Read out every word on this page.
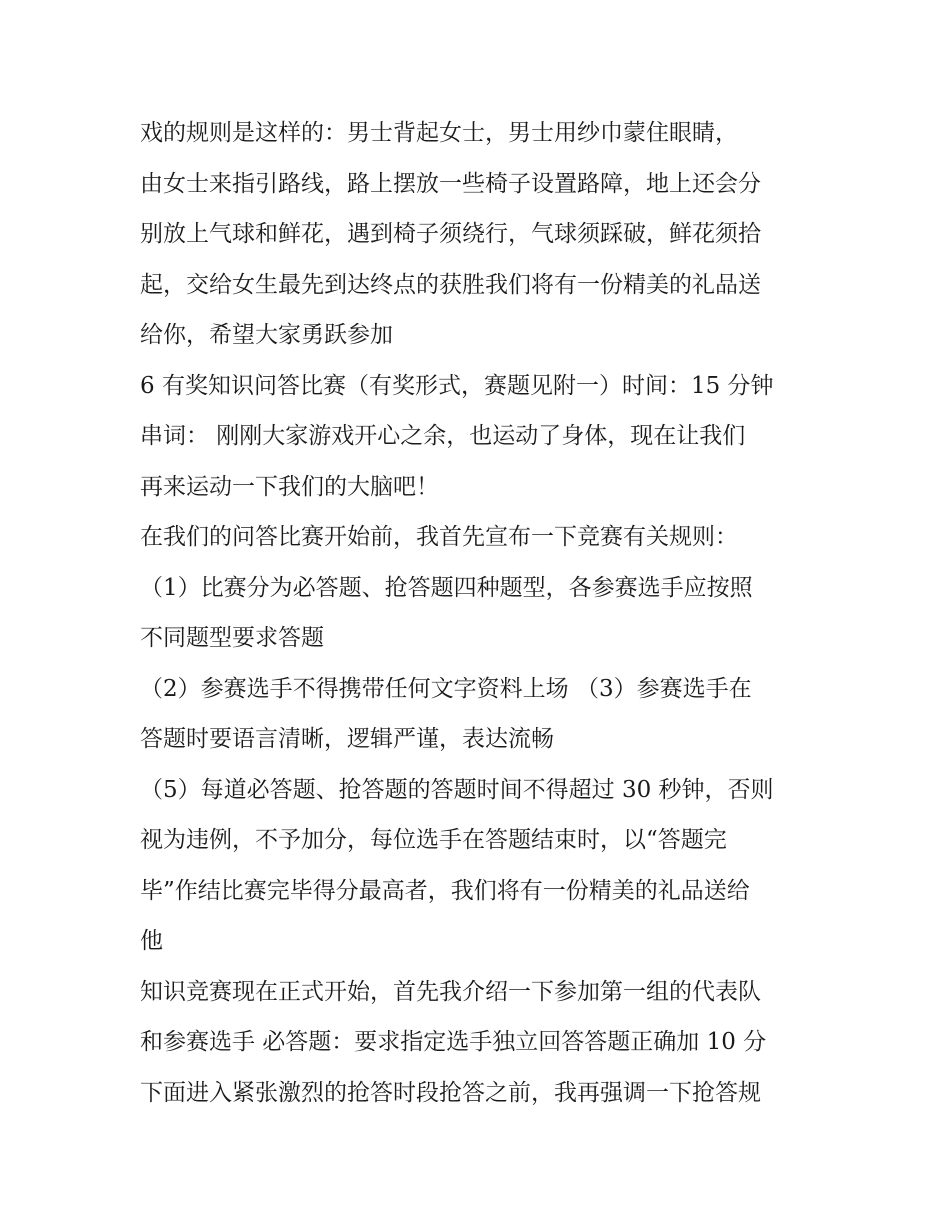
戏的规则是这样的：男士背起女士，男士用纱巾蒙住眼睛，
由女士来指引路线，路上摆放一些椅子设置路障，地上还会分
别放上气球和鲜花，遇到椅子须绕行，气球须踩破，鲜花须拾
起，交给女生最先到达终点的获胜我们将有一份精美的礼品送
给你，希望大家勇跃参加
6 有奖知识问答比赛（有奖形式，赛题见附一）时间：15 分钟
串词： 刚刚大家游戏开心之余，也运动了身体，现在让我们
再来运动一下我们的大脑吧！
在我们的问答比赛开始前，我首先宣布一下竞赛有关规则：
（1）比赛分为必答题、抢答题四种题型，各参赛选手应按照
不同题型要求答题
（2）参赛选手不得携带任何文字资料上场 （3）参赛选手在
答题时要语言清晰，逻辑严谨，表达流畅
（5）每道必答题、抢答题的答题时间不得超过 30 秒钟，否则
视为违例，不予加分，每位选手在答题结束时，以“答题完
毕”作结比赛完毕得分最高者，我们将有一份精美的礼品送给
他
知识竞赛现在正式开始，首先我介绍一下参加第一组的代表队
和参赛选手 必答题：要求指定选手独立回答答题正确加 10 分
下面进入紧张激烈的抢答时段抢答之前，我再强调一下抢答规
